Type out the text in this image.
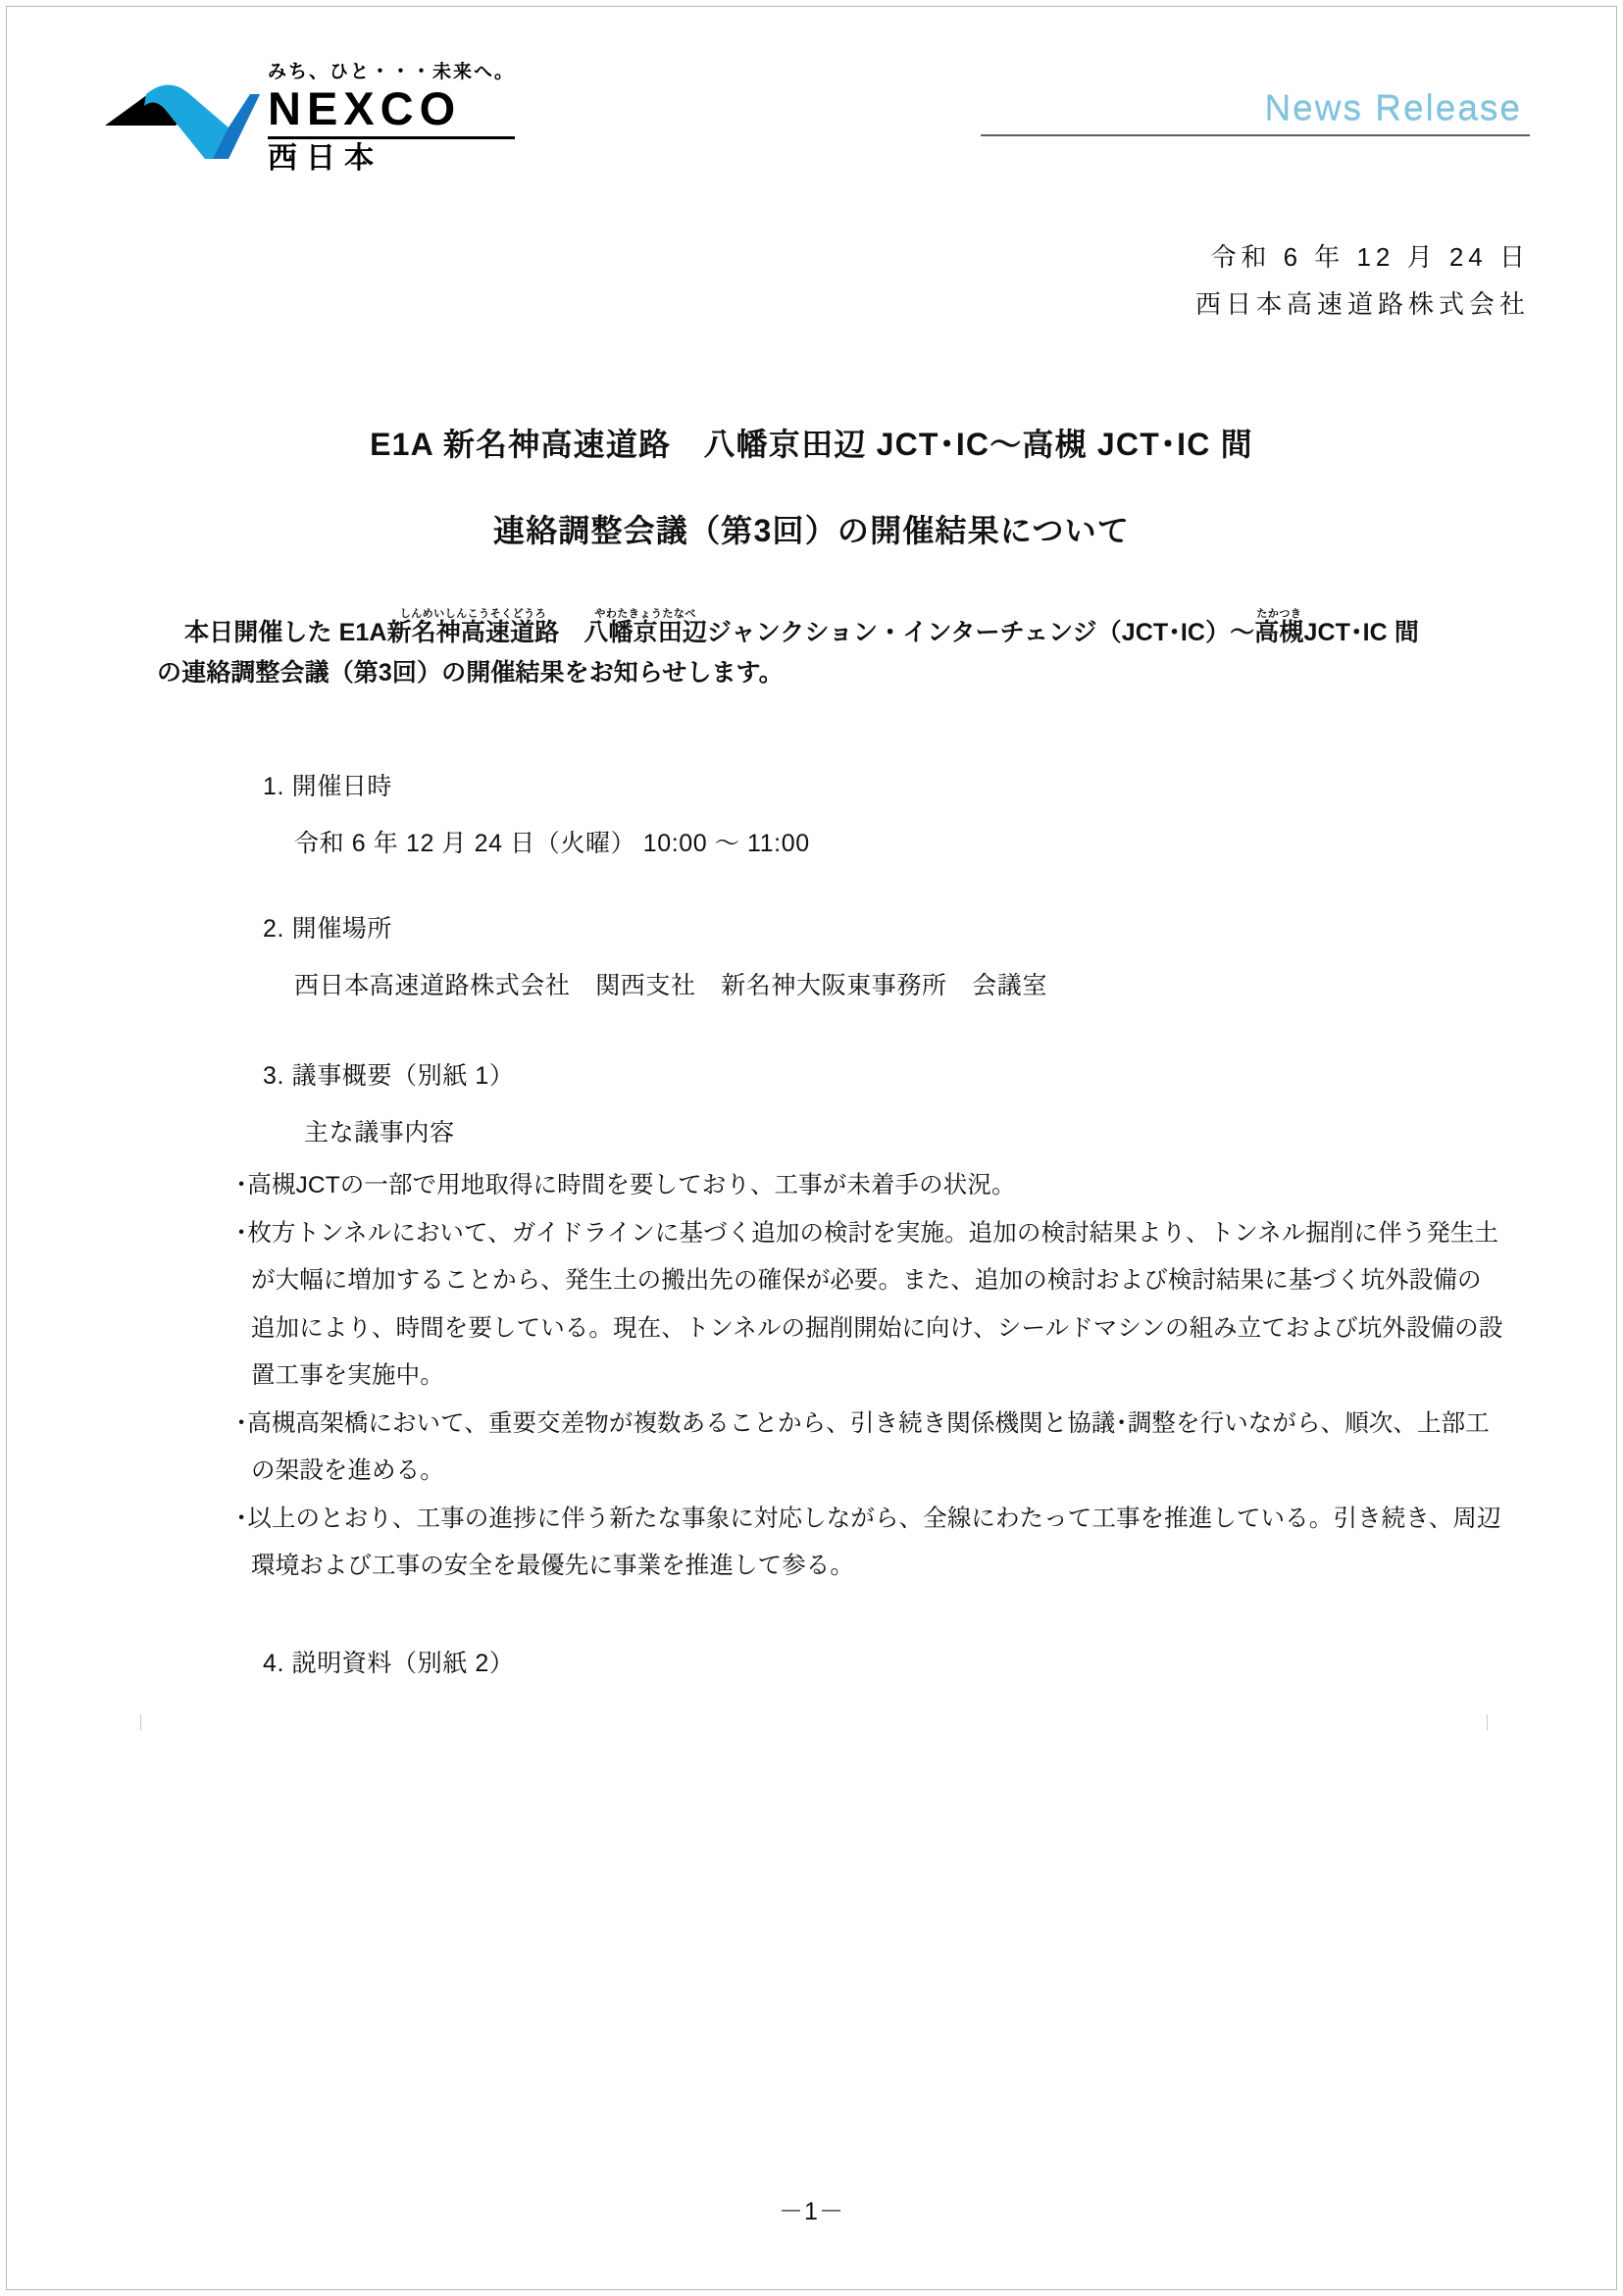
みち、ひと・・・未来へ。
NEXCO
西日本
News Release
令和 6 年 12 月 24 日
西日本高速道路株式会社
E1A 新名神高速道路　八幡京田辺 JCT･IC～高槻 JCT･IC 間
連絡調整会議（第3回）の開催結果について
本日開催した E1A新名神高速道路しんめいしんこうそくどうろ　八幡京田辺やわたきょうたなべジャンクション・インターチェンジ（JCT･IC）～高槻たかつきJCT･IC 間
の連絡調整会議（第3回）の開催結果をお知らせします。
1. 開催日時
令和 6 年 12 月 24 日（火曜） 10:00 ～ 11:00
2. 開催場所
西日本高速道路株式会社　関西支社　新名神大阪東事務所　会議室
3. 議事概要（別紙 1）
主な議事内容

･高槻JCTの一部で用地取得に時間を要しており、工事が未着手の状況。

･枚方トンネルにおいて、ガイドラインに基づく追加の検討を実施。追加の検討結果より、トンネル掘削に伴う発生土が大幅に増加することから、発生土の搬出先の確保が必要。また、追加の検討および検討結果に基づく坑外設備の追加により、時間を要している。現在、トンネルの掘削開始に向け、シールドマシンの組み立ておよび坑外設備の設置工事を実施中。

･高槻高架橋において、重要交差物が複数あることから、引き続き関係機関と協議･調整を行いながら、順次、上部工の架設を進める。

･以上のとおり、工事の進捗に伴う新たな事象に対応しながら、全線にわたって工事を推進している。引き続き、周辺環境および工事の安全を最優先に事業を推進して参る。

4. 説明資料（別紙 2）
－1－
